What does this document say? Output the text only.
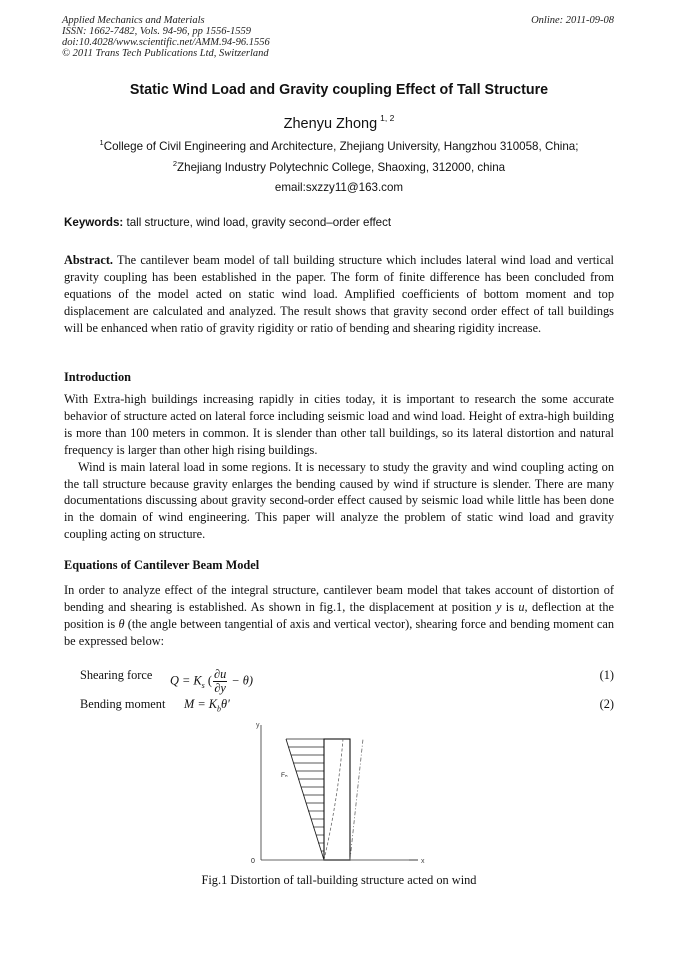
Applied Mechanics and Materials
ISSN: 1662-7482, Vols. 94-96, pp 1556-1559
doi:10.4028/www.scientific.net/AMM.94-96.1556
© 2011 Trans Tech Publications Ltd, Switzerland
Online: 2011-09-08
Static Wind Load and Gravity coupling Effect of Tall Structure
Zhenyu Zhong $^{1, 2}$
$^1$College of Civil Engineering and Architecture, Zhejiang University, Hangzhou 310058, China;
$^2$Zhejiang Industry Polytechnic College, Shaoxing, 312000, china
email:sxzzy11@163.com
Keywords: tall structure, wind load, gravity second–order effect
Abstract. The cantilever beam model of tall building structure which includes lateral wind load and vertical gravity coupling has been established in the paper. The form of finite difference has been concluded from equations of the model acted on static wind load. Amplified coefficients of bottom moment and top displacement are calculated and analyzed. The result shows that gravity second order effect of tall buildings will be enhanced when ratio of gravity rigidity or ratio of bending and shearing rigidity increase.
Introduction
With Extra-high buildings increasing rapidly in cities today, it is important to research the some accurate behavior of structure acted on lateral force including seismic load and wind load. Height of extra-high building is more than 100 meters in common. It is slender than other tall buildings, so its lateral distortion and natural frequency is larger than other high rising buildings.
Wind is main lateral load in some regions. It is necessary to study the gravity and wind coupling acting on the tall structure because gravity enlarges the bending caused by wind if structure is slender. There are many documentations discussing about gravity second-order effect caused by seismic load while little has been done in the domain of wind engineering. This paper will analyze the problem of static wind load and gravity coupling acting on structure.
Equations of Cantilever Beam Model
In order to analyze effect of the integral structure, cantilever beam model that takes account of distortion of bending and shearing is established. As shown in fig.1, the displacement at position y is u, deflection at the position is θ (the angle between tangential of axis and vertical vector), shearing force and bending moment can be expressed below:
Shearing force $Q = K_s$ ( $\frac{\partial u}{\partial y} - \theta$)	(1)
Bending moment $M = K_b\theta'$	(2)
y
x
0
Fₙ
Fig.1 Distortion of tall-building structure acted on wind
